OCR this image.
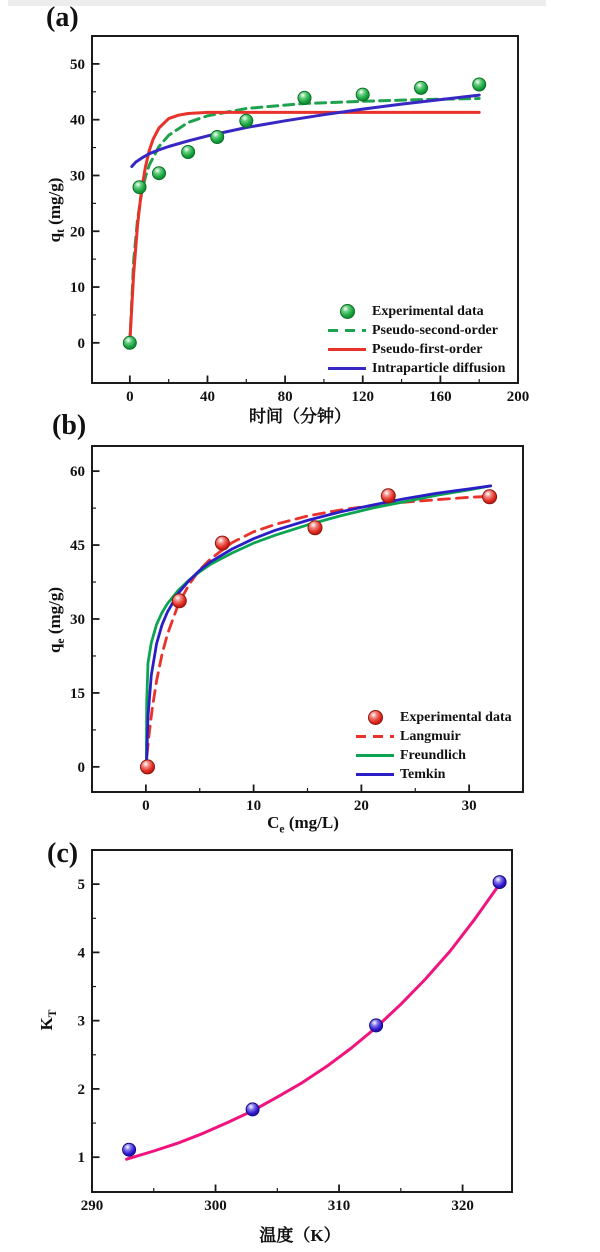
0	40	80	120	160	200
0
10
20
30
40
50
0	10	20	30
0
15
30
45
60
290	300	310	320
1
2
3
4
5
(a)
(b)
(c)
$q_t$ (mg/g)
时间（分钟）
$q_e$ (mg/g)
$C_e$ (mg/L)
$K_T$
温度（K）
Experimental data
Pseudo-second-order
Pseudo-first-order
Intraparticle diffusion
Experimental data
Langmuir
Freundlich
Temkin
